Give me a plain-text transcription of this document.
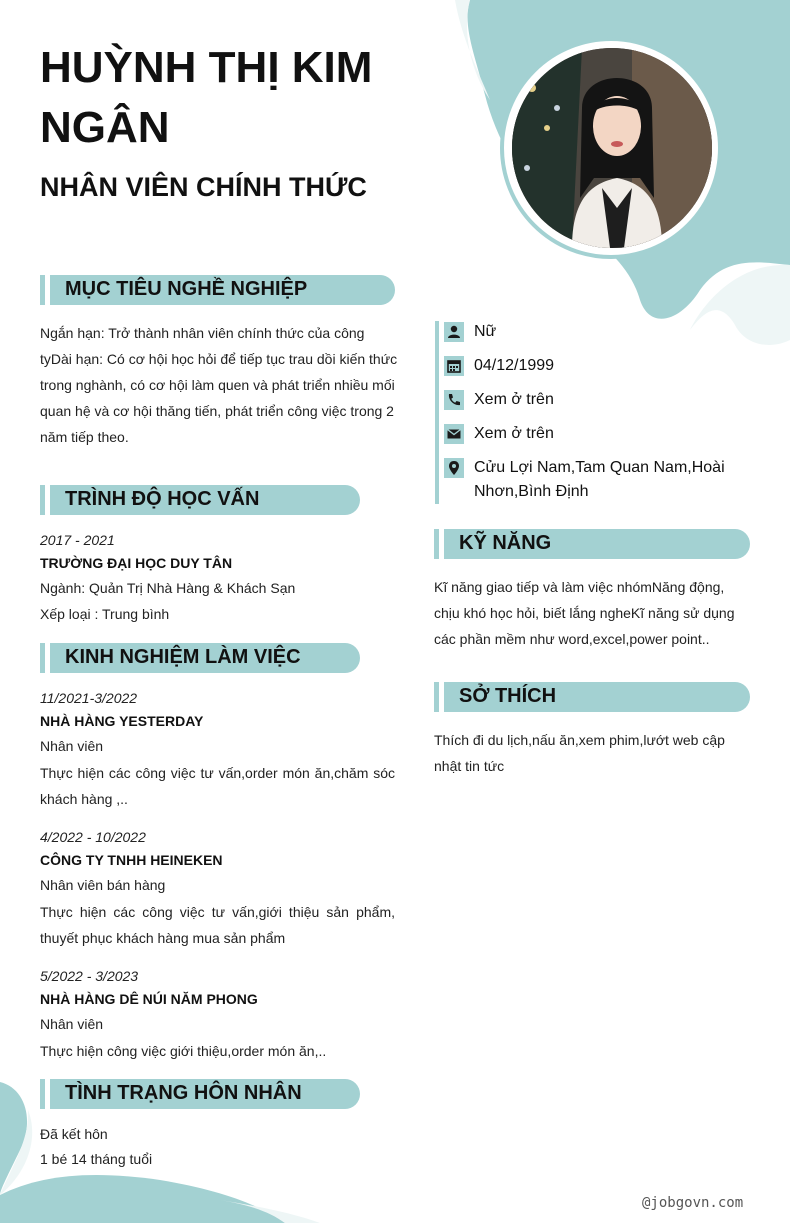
HUỲNH THỊ KIM NGÂN
NHÂN VIÊN CHÍNH THỨC
MỤC TIÊU NGHỀ NGHIỆP
Ngắn hạn: Trở thành nhân viên chính thức của công tyDài hạn: Có cơ hội học hỏi để tiếp tục trau dồi kiến thức trong nghành, có cơ hội làm quen và phát triển nhiều mối quan hệ và cơ hội thăng tiến, phát triển công việc trong 2 năm tiếp theo.
TRÌNH ĐỘ HỌC VẤN
2017 - 2021
TRƯỜNG ĐẠI HỌC DUY TÂN
Ngành: Quản Trị Nhà Hàng & Khách Sạn
Xếp loại : Trung bình
KINH NGHIỆM LÀM VIỆC
11/2021-3/2022
NHÀ HÀNG YESTERDAY
Nhân viên
Thực hiện các công việc tư vấn,order món ăn,chăm sóc khách hàng ,..
4/2022 - 10/2022
CÔNG TY TNHH HEINEKEN
Nhân viên bán hàng
Thực hiện các công việc tư vấn,giới thiệu sản phẩm, thuyết phục khách hàng mua sản phẩm
5/2022 - 3/2023
NHÀ HÀNG DÊ NÚI NĂM PHONG
Nhân viên
Thực hiện công việc giới thiệu,order món ăn,..
TÌNH TRẠNG HÔN NHÂN
Đã kết hôn
1 bé 14 tháng tuổi
Nữ
04/12/1999
Xem ở trên
Xem ở trên
Cửu Lợi Nam,Tam Quan Nam,Hoài Nhơn,Bình Định
KỸ NĂNG
Kĩ năng giao tiếp và làm việc nhómNăng động, chịu khó học hỏi, biết lắng ngheKĩ năng sử dụng các phần mềm như word,excel,power point..
SỞ THÍCH
Thích đi du lịch,nấu ăn,xem phim,lướt web cập nhật tin tức
@jobgovn.com
